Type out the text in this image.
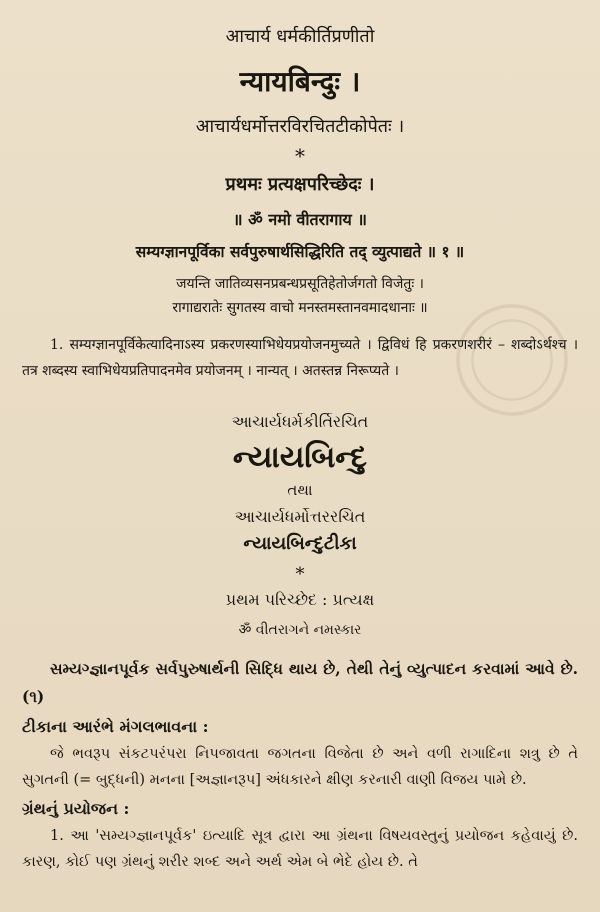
आचार्य धर्मकीर्तिप्रणीतो
न्यायबिन्दुः ।
आचार्यधर्मोत्तरविरचितटीकोपेतः ।
*
प्रथमः प्रत्यक्षपरिच्छेदः ।
॥ ॐ नमो वीतरागाय ॥
सम्यग्ज्ञानपूर्विका सर्वपुरुषार्थसिद्धिरिति तद् व्युत्पाद्यते ॥ १ ॥
जयन्ति जातिव्यसनप्रबन्धप्रसूतिहेतोर्जगतो विजेतुः ।
रागाद्यरातेः सुगतस्य वाचो मनस्तमस्तानवमादधानाः ॥
1. सम्यग्ज्ञानपूर्विकेत्यादिनाऽस्य प्रकरणस्याभिधेयप्रयोजनमुच्यते । द्विविधं हि प्रकरणशरीरं – शब्दोऽर्थश्च । तत्र शब्दस्य स्वाभिधेयप्रतिपादनमेव प्रयोजनम् । नान्यत् । अतस्तन्न निरूप्यते ।
આચાર્યધર્મકીર્તિરચિત
ન્યાયબિન્દુ
તથા
આચાર્યધર્મોત્તરરચિત
ન્યાયબિન્દુટીકા
*
પ્રથમ પરિચ્છેદ : પ્રત્યક્ષ
ॐ વીતરાગને નમસ્કાર
સમ્યગ્જ્ઞાનપૂર્વક સર્વપુરુષાર્થની સિદ્ધિ થાય છે, તેથી તેનું વ્યુત્પાદન કરવામાં આવે છે. (૧)
ટીકાના આરંભે મંગલભાવના :
જે ભવરૂપ સંકટપરંપરા નિપજાવતા જગતના વિજેતા છે અને વળી રાગાદિના શત્રુ છે તે સુગતની (= બુદ્ધની) મનના [અજ્ઞાનરૂપ] અંધકારને ક્ષીણ કરનારી વાણી વિજય પામે છે.
ગ્રંથનું પ્રયોજન :
1. આ 'સમ્યગ્જ્ઞાનપૂર્વક' ઇત્યાદિ સૂત્ર દ્વારા આ ગ્રંથના વિષયવસ્તુનું પ્રયોજન કહેવાયું છે. કારણ, કોઈ પણ ગ્રંથનું શરીર શબ્દ અને અર્થ એમ બે ભેદે હોય છે. તે
